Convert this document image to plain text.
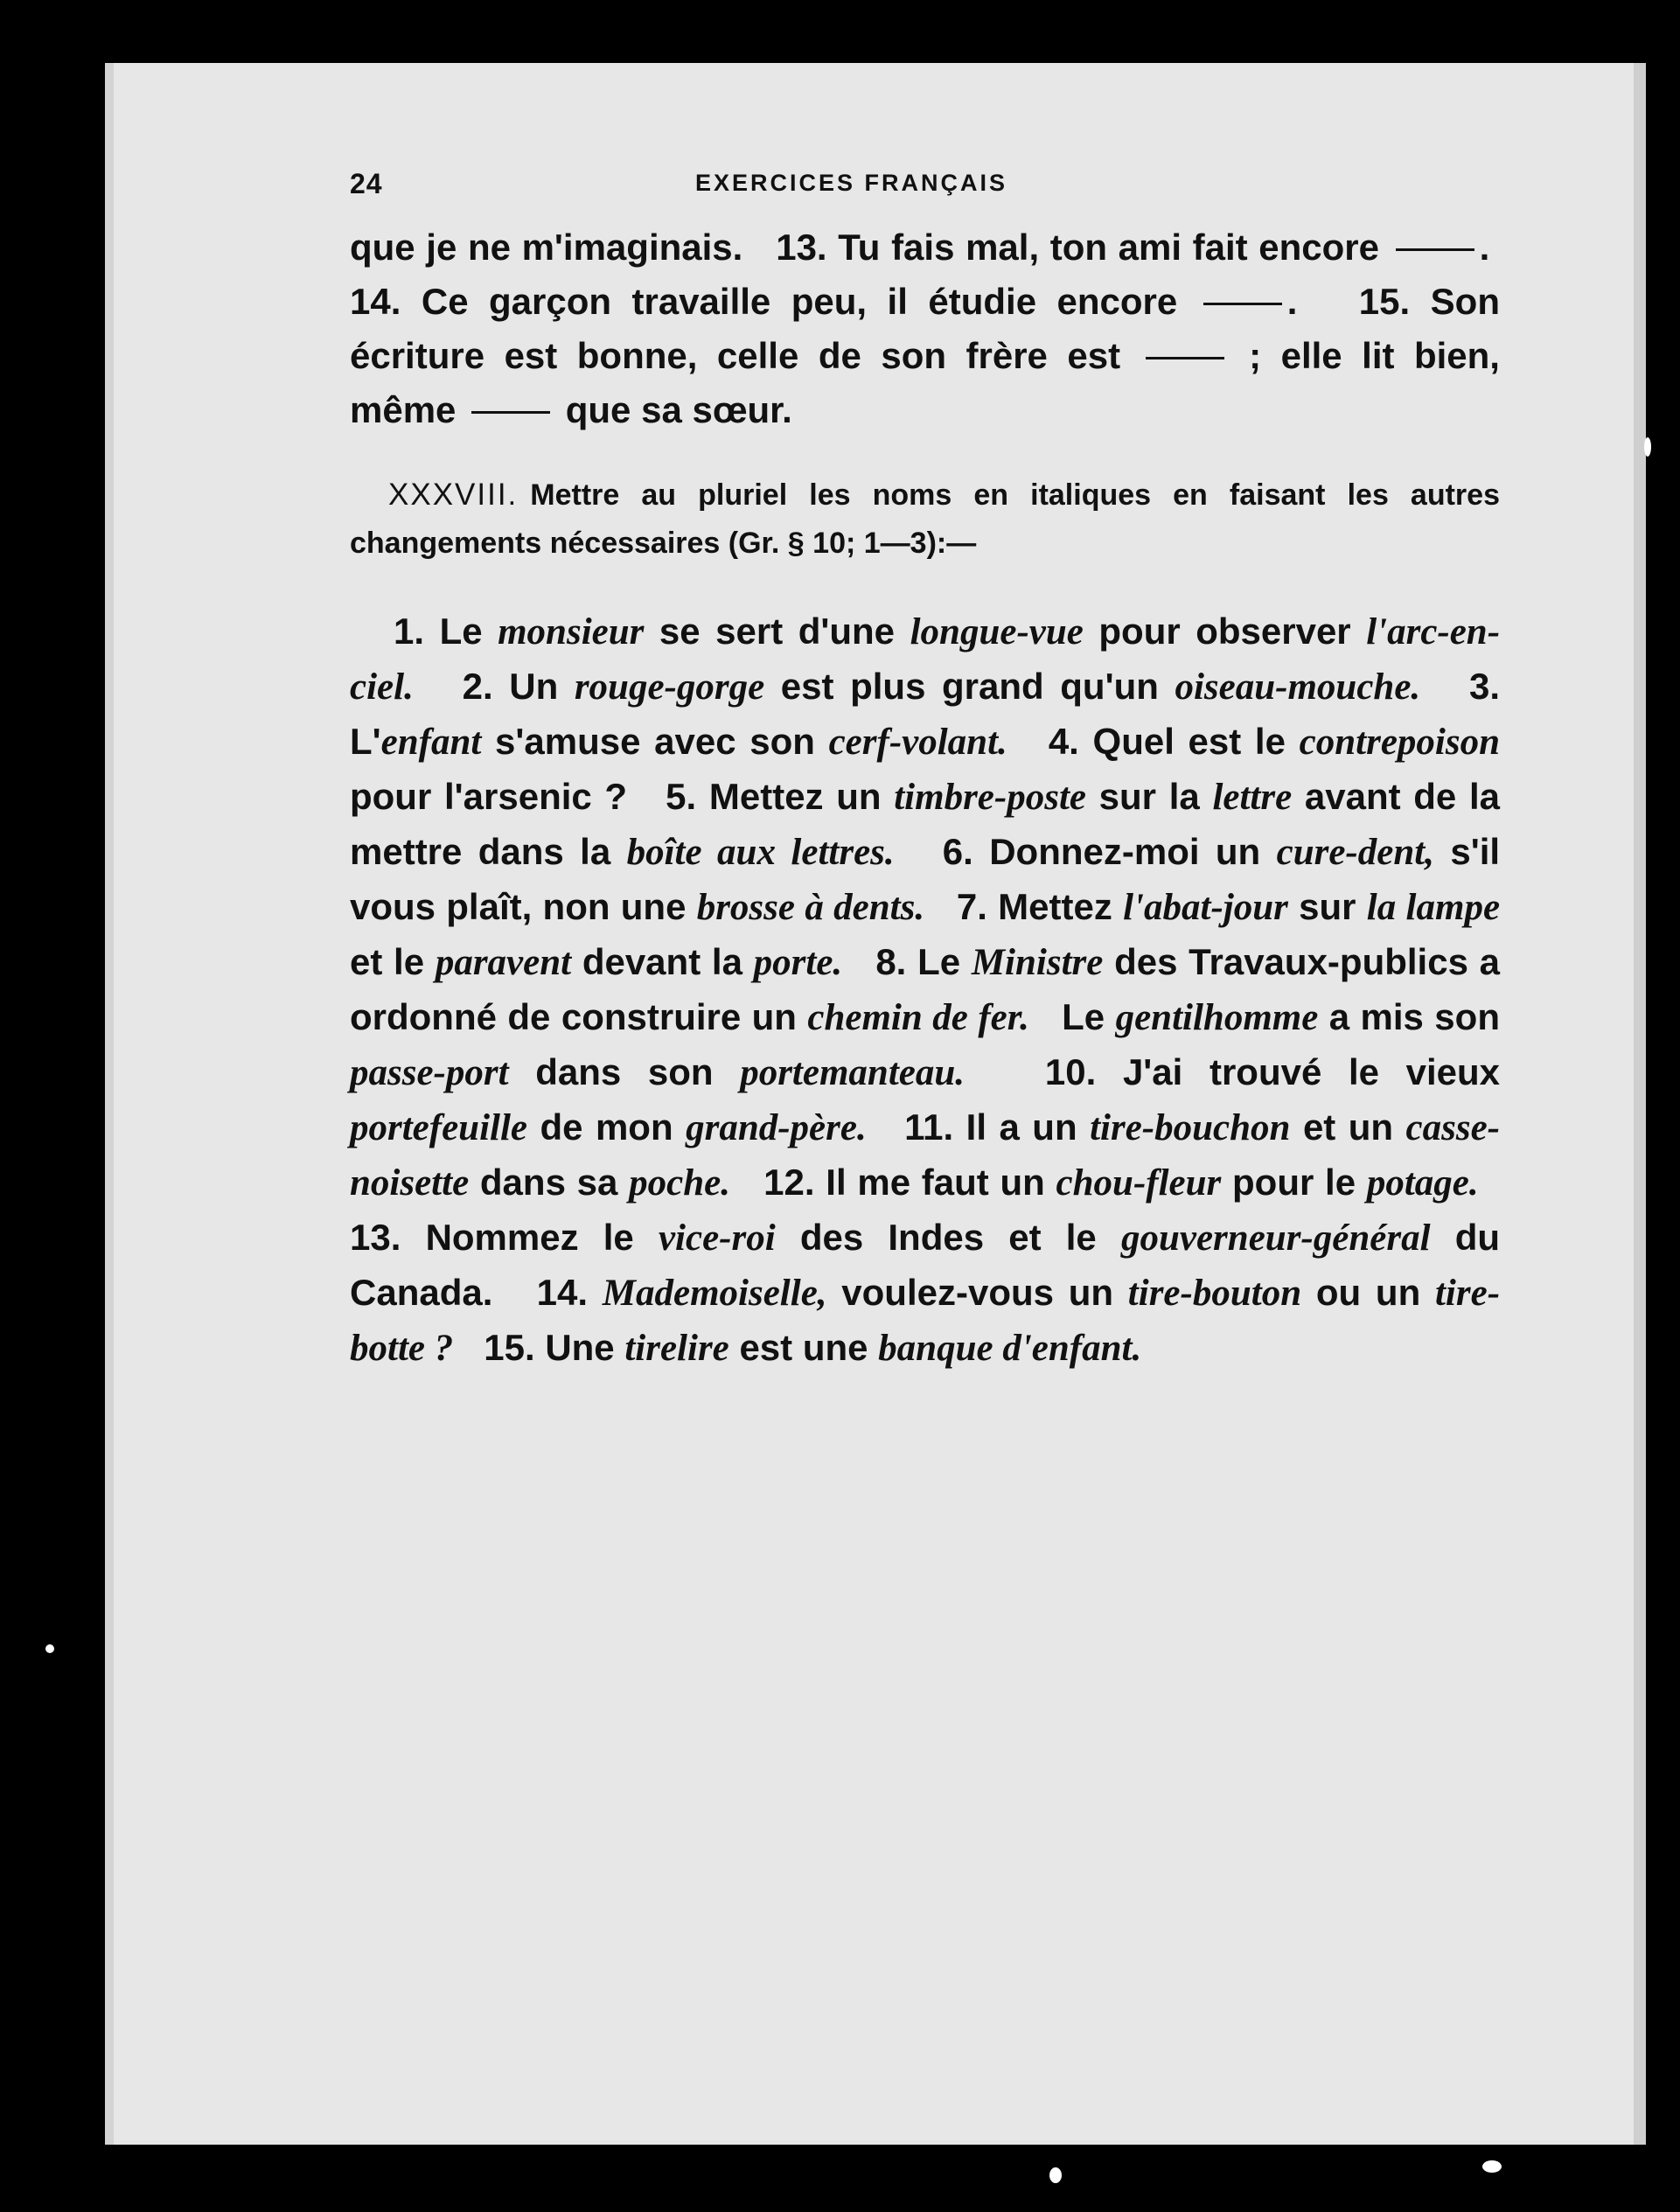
24	EXERCICES FRANÇAIS

que je ne m'imaginais. 13. Tu fais mal, ton ami fait encore	.  14. Ce garçon travaille peu, il étudie encore	. 15. Son écriture est bonne, celle de son frère est	; elle lit bien, même	que sa sœur.

XXXVIII. Mettre au pluriel les noms en italiques en faisant les autres changements nécessaires (Gr. § 10; 1—3):—

1. Le monsieur se sert d'une longue-vue pour observer l'arc-en-ciel. 2. Un rouge-gorge est plus grand qu'un oiseau-mouche. 3. L'enfant s'amuse avec son cerf-volant. 4. Quel est le contrepoison pour l'arsenic ? 5. Mettez un timbre-poste sur la lettre avant de la mettre dans la boîte aux lettres. 6. Donnez-moi un cure-dent, s'il vous plaît, non une brosse à dents. 7. Mettez l'abat-jour sur la lampe et le paravent devant la porte. 8. Le Ministre des Travaux-publics a ordonné de construire un chemin de fer. Le gentilhomme a mis son passe-port dans son portemanteau. 10. J'ai trouvé le vieux portefeuille de mon grand-père. 11. Il a un tire-bouchon et un casse-noisette dans sa poche. 12. Il me faut un chou-fleur pour le potage.   13. Nommez le vice-roi des Indes et le gouverneur-général du Canada. 14. Mademoiselle, voulez-vous un tire-bouton ou un tire-botte ? 15. Une tirelire est une banque d'enfant.
